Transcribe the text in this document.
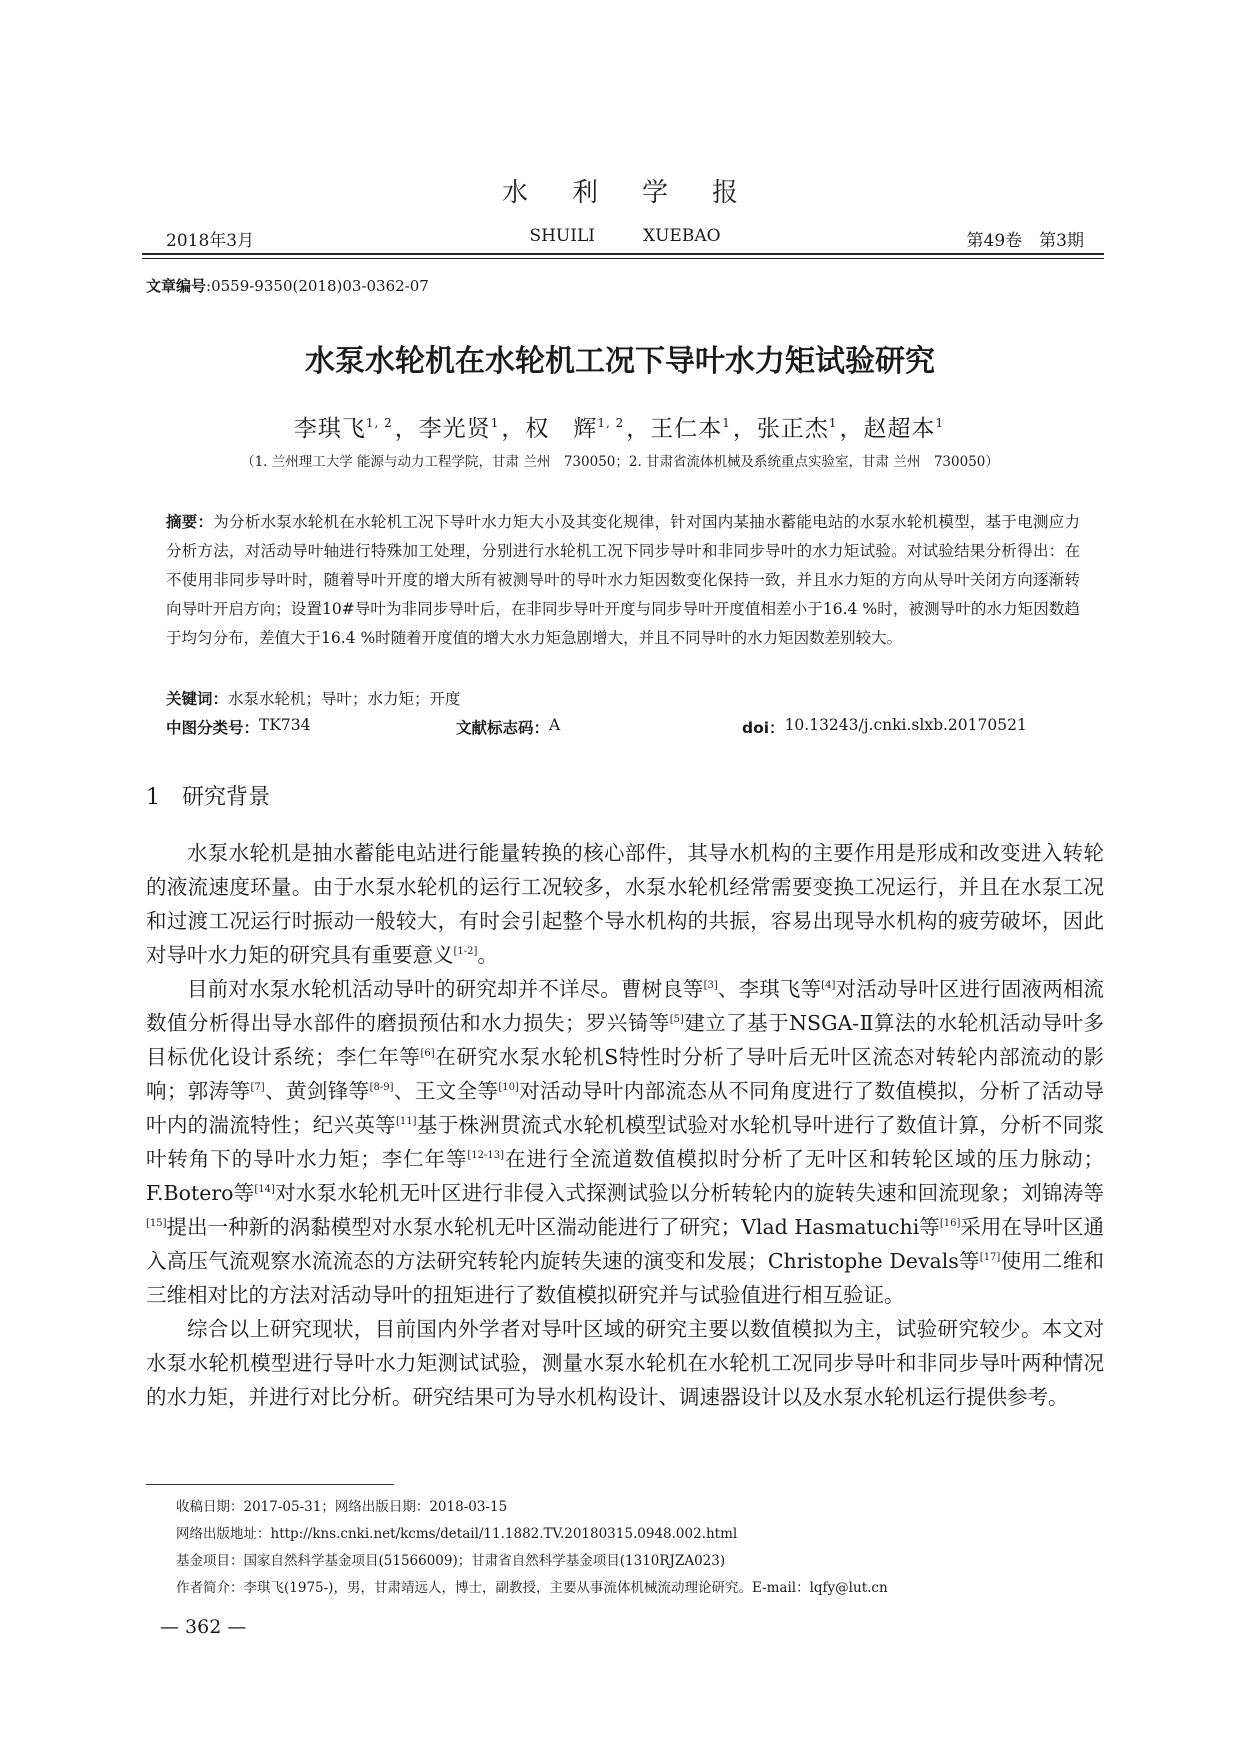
水利学报
2018年3月	SHUILI	XUEBAO	第49卷　第3期
文章编号:0559-9350(2018)03-0362-07
水泵水轮机在水轮机工况下导叶水力矩试验研究
李琪飞$^{1, 2}$，李光贤$^1$，权　辉$^{1, 2}$，王仁本$^1$，张正杰$^1$，赵超本$^1$
（1. 兰州理工大学 能源与动力工程学院，甘肃 兰州　730050；2. 甘肃省流体机械及系统重点实验室，甘肃 兰州　730050）
摘要：为分析水泵水轮机在水轮机工况下导叶水力矩大小及其变化规律，针对国内某抽水蓄能电站的水泵水轮机模型，基于电测应力分析方法，对活动导叶轴进行特殊加工处理，分别进行水轮机工况下同步导叶和非同步导叶的水力矩试验。对试验结果分析得出：在不使用非同步导叶时，随着导叶开度的增大所有被测导叶的导叶水力矩因数变化保持一致，并且水力矩的方向从导叶关闭方向逐渐转向导叶开启方向；设置10#导叶为非同步导叶后，在非同步导叶开度与同步导叶开度值相差小于16.4 %时，被测导叶的水力矩因数趋于均匀分布，差值大于16.4 %时随着开度值的增大水力矩急剧增大，并且不同导叶的水力矩因数差别较大。
关键词：水泵水轮机；导叶；水力矩；开度
中图分类号： TK734	文献标志码： A	doi： 10.13243/j.cnki.slxb.20170521
1 研究背景

水泵水轮机是抽水蓄能电站进行能量转换的核心部件，其导水机构的主要作用是形成和改变进入转轮的液流速度环量。由于水泵水轮机的运行工况较多，水泵水轮机经常需要变换工况运行，并且在水泵工况和过渡工况运行时振动一般较大，有时会引起整个导水机构的共振，容易出现导水机构的疲劳破坏，因此对导叶水力矩的研究具有重要意义[1-2]。

目前对水泵水轮机活动导叶的研究却并不详尽。曹树良等[3]、李琪飞等[4]对活动导叶区进行固液两相流数值分析得出导水部件的磨损预估和水力损失；罗兴锜等[5]建立了基于NSGA-Ⅱ算法的水轮机活动导叶多目标优化设计系统；李仁年等[6]在研究水泵水轮机S特性时分析了导叶后无叶区流态对转轮内部流动的影响；郭涛等[7]、黄剑锋等[8-9]、王文全等[10]对活动导叶内部流态从不同角度进行了数值模拟，分析了活动导叶内的湍流特性；纪兴英等[11]基于株洲贯流式水轮机模型试验对水轮机导叶进行了数值计算，分析不同浆叶转角下的导叶水力矩；李仁年等[12-13]在进行全流道数值模拟时分析了无叶区和转轮区域的压力脉动；F.Botero等[14]对水泵水轮机无叶区进行非侵入式探测试验以分析转轮内的旋转失速和回流现象；刘锦涛等[15]提出一种新的涡黏模型对水泵水轮机无叶区湍动能进行了研究；Vlad Hasmatuchi等[16]采用在导叶区通入高压气流观察水流流态的方法研究转轮内旋转失速的演变和发展；Christophe Devals等[17]使用二维和三维相对比的方法对活动导叶的扭矩进行了数值模拟研究并与试验值进行相互验证。

综合以上研究现状，目前国内外学者对导叶区域的研究主要以数值模拟为主，试验研究较少。本文对水泵水轮机模型进行导叶水力矩测试试验，测量水泵水轮机在水轮机工况同步导叶和非同步导叶两种情况的水力矩，并进行对比分析。研究结果可为导水机构设计、调速器设计以及水泵水轮机运行提供参考。

收稿日期：2017-05-31；网络出版日期：2018-03-15
网络出版地址：http://kns.cnki.net/kcms/detail/11.1882.TV.20180315.0948.002.html
基金项目：国家自然科学基金项目(51566009)；甘肃省自然科学基金项目(1310RJZA023)
作者简介：李琪飞(1975-)，男，甘肃靖远人，博士，副教授，主要从事流体机械流动理论研究。E-mail：lqfy@lut.cn
— 362 —
